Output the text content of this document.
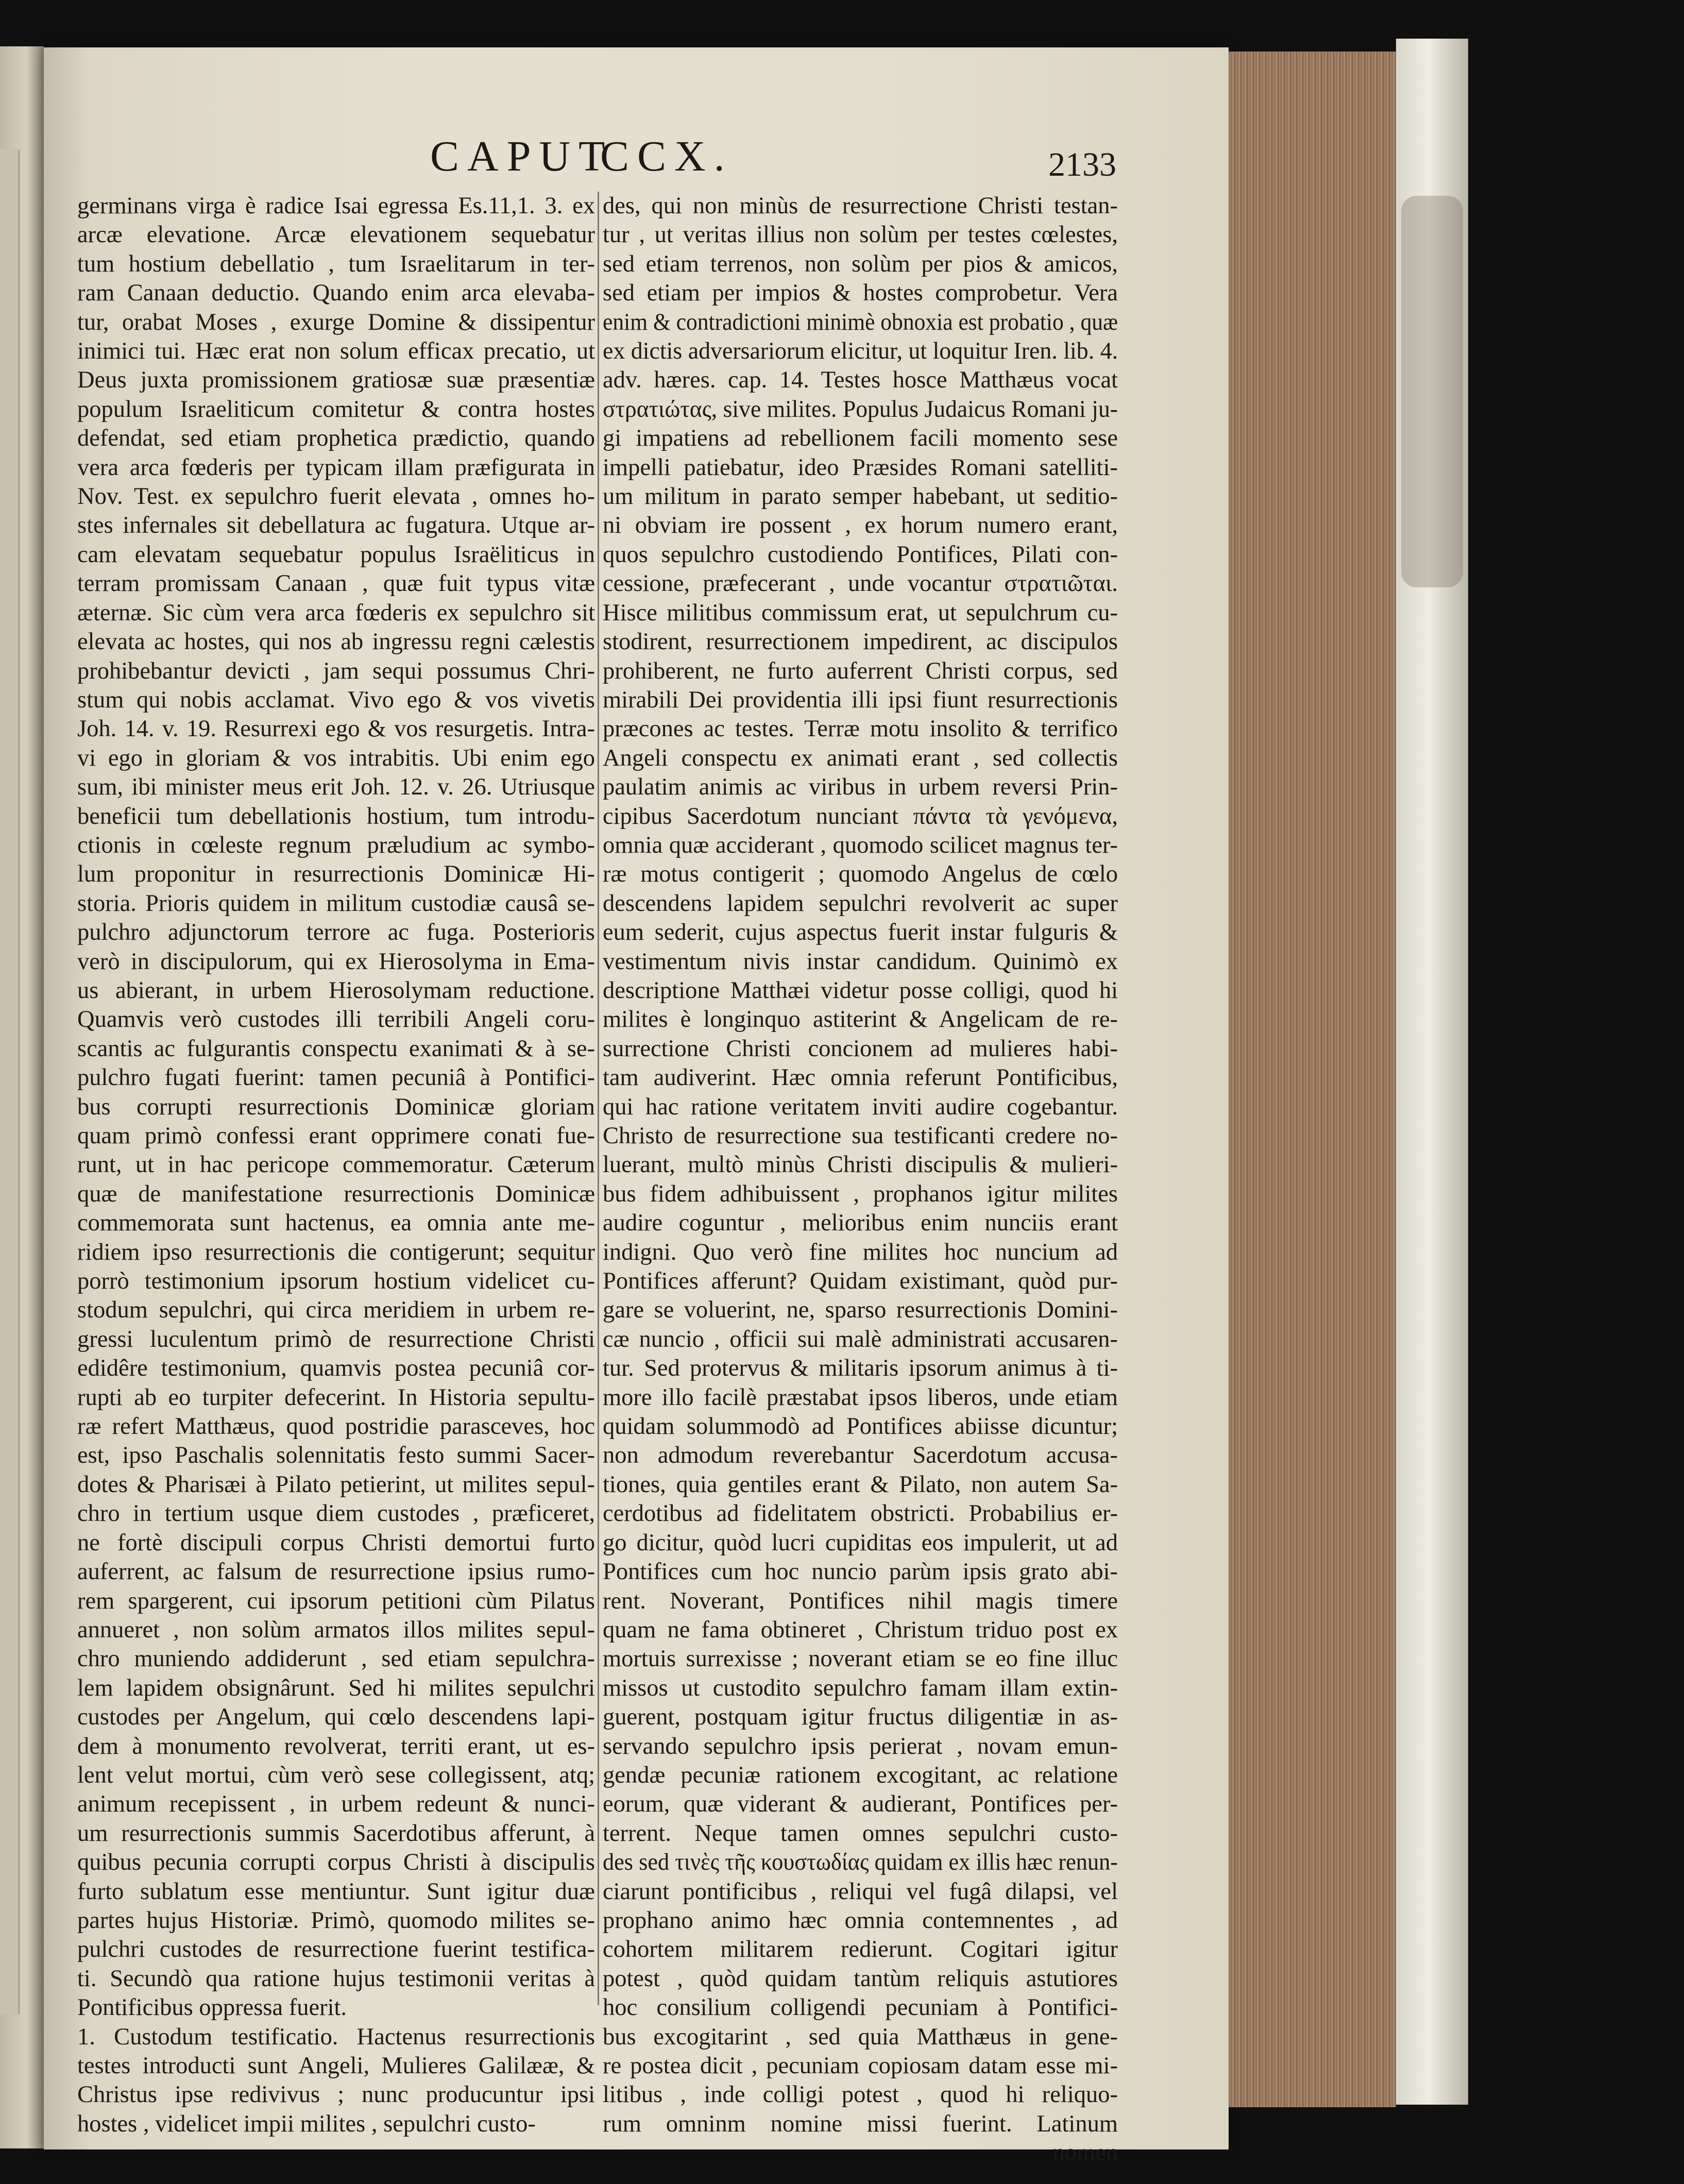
CAPUT
CCX.	2133
germinans virga è radice Isai egressa Es.11,1. 3. ex
arcæ elevatione. Arcæ elevationem sequebatur
tum hostium debellatio , tum Israelitarum in ter-
ram Canaan deductio. Quando enim arca elevaba-
tur, orabat Moses , exurge Domine & dissipentur
inimici tui. Hæc erat non solum efficax precatio, ut
Deus juxta promissionem gratiosæ suæ præsentiæ
populum Israeliticum comitetur & contra hostes
defendat, sed etiam prophetica prædictio, quando
vera arca fœderis per typicam illam præfigurata in
Nov. Test. ex sepulchro fuerit elevata , omnes ho-
stes infernales sit debellatura ac fugatura. Utque ar-
cam elevatam sequebatur populus Israëliticus in
terram promissam Canaan , quæ fuit typus vitæ
æternæ. Sic cùm vera arca fœderis ex sepulchro sit
elevata ac hostes, qui nos ab ingressu regni cælestis
prohibebantur devicti , jam sequi possumus Chri-
stum qui nobis acclamat. Vivo ego & vos vivetis
Joh. 14. v. 19. Resurrexi ego & vos resurgetis. Intra-
vi ego in gloriam & vos intrabitis. Ubi enim ego
sum, ibi minister meus erit Joh. 12. v. 26. Utriusque
beneficii tum debellationis hostium, tum introdu-
ctionis in cœleste regnum præludium ac symbo-
lum proponitur in resurrectionis Dominicæ Hi-
storia. Prioris quidem in militum custodiæ causâ se-
pulchro adjunctorum terrore ac fuga. Posterioris
verò in discipulorum, qui ex Hierosolyma in Ema-
us abierant, in urbem Hierosolymam reductione.
Quamvis verò custodes illi terribili Angeli coru-
scantis ac fulgurantis conspectu exanimati & à se-
pulchro fugati fuerint: tamen pecuniâ à Pontifici-
bus corrupti resurrectionis Dominicæ gloriam
quam primò confessi erant opprimere conati fue-
runt, ut in hac pericope commemoratur. Cæterum
quæ de manifestatione resurrectionis Dominicæ
commemorata sunt hactenus, ea omnia ante me-
ridiem ipso resurrectionis die contigerunt; sequitur
porrò testimonium ipsorum hostium videlicet cu-
stodum sepulchri, qui circa meridiem in urbem re-
gressi luculentum primò de resurrectione Christi
edidêre testimonium, quamvis postea pecuniâ cor-
rupti ab eo turpiter defecerint. In Historia sepultu-
ræ refert Matthæus, quod postridie parasceves, hoc
est, ipso Paschalis solennitatis festo summi Sacer-
dotes & Pharisæi à Pilato petierint, ut milites sepul-
chro in tertium usque diem custodes , præficeret,
ne fortè discipuli corpus Christi demortui furto
auferrent, ac falsum de resurrectione ipsius rumo-
rem spargerent, cui ipsorum petitioni cùm Pilatus
annueret , non solùm armatos illos milites sepul-
chro muniendo addiderunt , sed etiam sepulchra-
lem lapidem obsignârunt. Sed hi milites sepulchri
custodes per Angelum, qui cœlo descendens lapi-
dem à monumento revolverat, territi erant, ut es-
lent velut mortui, cùm verò sese collegissent, atq;
animum recepissent , in urbem redeunt & nunci-
um resurrectionis summis Sacerdotibus afferunt, à
quibus pecunia corrupti corpus Christi à discipulis
furto sublatum esse mentiuntur. Sunt igitur duæ
partes hujus Historiæ. Primò, quomodo milites se-
pulchri custodes de resurrectione fuerint testifica-
ti. Secundò qua ratione hujus testimonii veritas à
Pontificibus oppressa fuerit.
1. Custodum testificatio. Hactenus resurrectionis
testes introducti sunt Angeli, Mulieres Galilææ, &
Christus ipse redivivus ; nunc producuntur ipsi
hostes , videlicet impii milites , sepulchri custo-
des, qui non minùs de resurrectione Christi testan-
tur , ut veritas illius non solùm per testes cœlestes,
sed etiam terrenos, non solùm per pios & amicos,
sed etiam per impios & hostes comprobetur. Vera
enim & contradictioni minimè obnoxia est probatio , quæ
ex dictis adversariorum elicitur, ut loquitur Iren. lib. 4.
adv. hæres. cap. 14. Testes hosce Matthæus vocat
στρατιώτας, sive milites. Populus Judaicus Romani ju-
gi impatiens ad rebellionem facili momento sese
impelli patiebatur, ideo Præsides Romani satelliti-
um militum in parato semper habebant, ut seditio-
ni obviam ire possent , ex horum numero erant,
quos sepulchro custodiendo Pontifices, Pilati con-
cessione, præfecerant , unde vocantur στρατιῶται.
Hisce militibus commissum erat, ut sepulchrum cu-
stodirent, resurrectionem impedirent, ac discipulos
prohiberent, ne furto auferrent Christi corpus, sed
mirabili Dei providentia illi ipsi fiunt resurrectionis
præcones ac testes. Terræ motu insolito & terrifico
Angeli conspectu ex animati erant , sed collectis
paulatim animis ac viribus in urbem reversi Prin-
cipibus Sacerdotum nunciant πάντα τὰ γενόμενα,
omnia quæ acciderant , quomodo scilicet magnus ter-
ræ motus contigerit ; quomodo Angelus de cœlo
descendens lapidem sepulchri revolverit ac super
eum sederit, cujus aspectus fuerit instar fulguris &
vestimentum nivis instar candidum. Quinimò ex
descriptione Matthæi videtur posse colligi, quod hi
milites è longinquo astiterint & Angelicam de re-
surrectione Christi concionem ad mulieres habi-
tam audiverint. Hæc omnia referunt Pontificibus,
qui hac ratione veritatem inviti audire cogebantur.
Christo de resurrectione sua testificanti credere no-
luerant, multò minùs Christi discipulis & mulieri-
bus fidem adhibuissent , prophanos igitur milites
audire coguntur , melioribus enim nunciis erant
indigni. Quo verò fine milites hoc nuncium ad
Pontifices afferunt? Quidam existimant, quòd pur-
gare se voluerint, ne, sparso resurrectionis Domini-
cæ nuncio , officii sui malè administrati accusaren-
tur. Sed protervus & militaris ipsorum animus à ti-
more illo facilè præstabat ipsos liberos, unde etiam
quidam solummodò ad Pontifices abiisse dicuntur;
non admodum reverebantur Sacerdotum accusa-
tiones, quia gentiles erant & Pilato, non autem Sa-
cerdotibus ad fidelitatem obstricti. Probabilius er-
go dicitur, quòd lucri cupiditas eos impulerit, ut ad
Pontifices cum hoc nuncio parùm ipsis grato abi-
rent. Noverant, Pontifices nihil magis timere
quam ne fama obtineret , Christum triduo post ex
mortuis surrexisse ; noverant etiam se eo fine illuc
missos ut custodito sepulchro famam illam extin-
guerent, postquam igitur fructus diligentiæ in as-
servando sepulchro ipsis perierat , novam emun-
gendæ pecuniæ rationem excogitant, ac relatione
eorum, quæ viderant & audierant, Pontifices per-
terrent. Neque tamen omnes sepulchri custo-
des sed τινὲς τῆς κουστωδίας quidam ex illis hæc renun-
ciarunt pontificibus , reliqui vel fugâ dilapsi, vel
prophano animo hæc omnia contemnentes , ad
cohortem militarem redierunt. Cogitari igitur
potest , quòd quidam tantùm reliquis astutiores
hoc consilium colligendi pecuniam à Pontifici-
bus excogitarint , sed quia Matthæus in gene-
re postea dicit , pecuniam copiosam datam esse mi-
litibus , inde colligi potest , quod hi reliquo-
rum omninm nomine missi fuerint. Latinum
nomen
